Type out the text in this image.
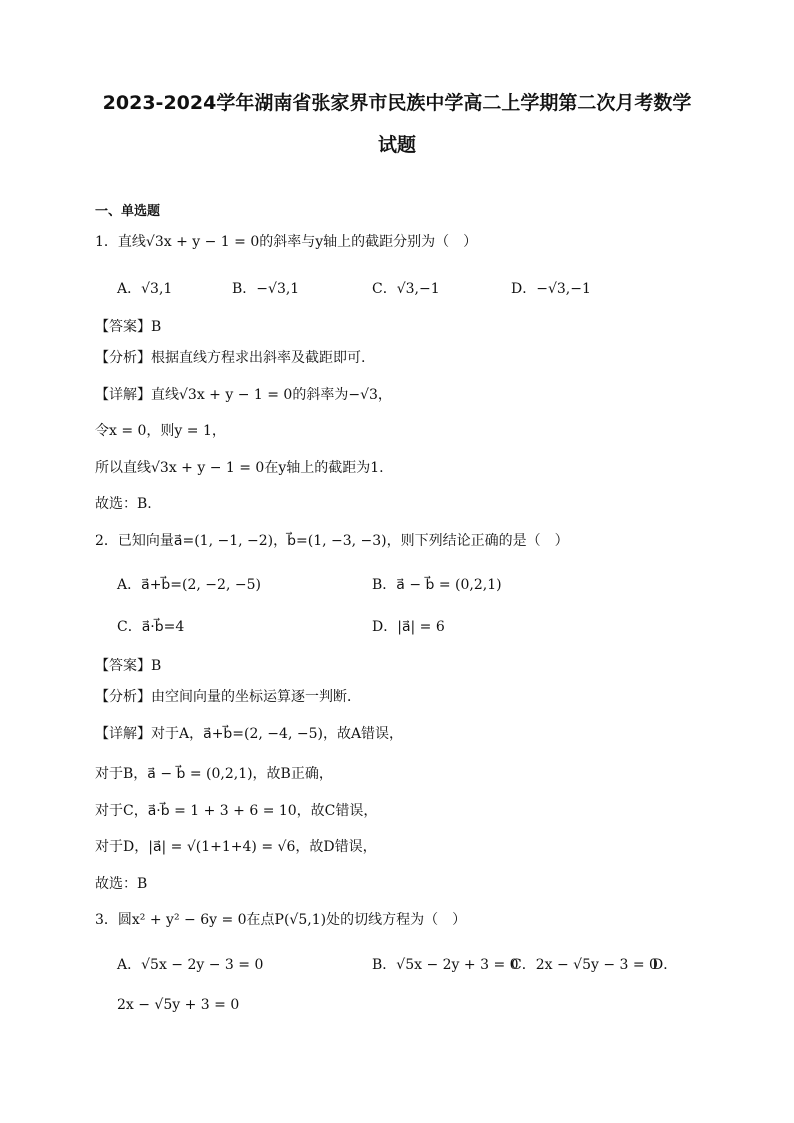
2023-2024学年湖南省张家界市民族中学高二上学期第二次月考数学
试题
一、单选题
1．直线√3x + y − 1 = 0的斜率与y轴上的截距分别为（　）
A．√3,1	B．−√3,1	C．√3,−1	D．−√3,−1
【答案】B
【分析】根据直线方程求出斜率及截距即可.
【详解】直线√3x + y − 1 = 0的斜率为−√3，
令x = 0，则y = 1，
所以直线√3x + y − 1 = 0在y轴上的截距为1.
故选：B.
2．已知向量a⃗=(1, −1, −2)，b⃗=(1, −3, −3)，则下列结论正确的是（　）
A．a⃗+b⃗=(2, −2, −5)	B．a⃗ − b⃗ = (0,2,1)
C．a⃗·b⃗=4	D．|a⃗| = 6
【答案】B
【分析】由空间向量的坐标运算逐一判断．
【详解】对于A，a⃗+b⃗=(2, −4, −5)，故A错误，
对于B，a⃗ − b⃗ = (0,2,1)，故B正确，
对于C，a⃗·b⃗ = 1 + 3 + 6 = 10，故C错误，
对于D，|a⃗| = √(1+1+4) = √6，故D错误，
故选：B
3．圆x² + y² − 6y = 0在点P(√5,1)处的切线方程为（　）
A．√5x − 2y − 3 = 0	B．√5x − 2y + 3 = 0
C．2x − √5y − 3 = 0
D．
2x − √5y + 3 = 0
